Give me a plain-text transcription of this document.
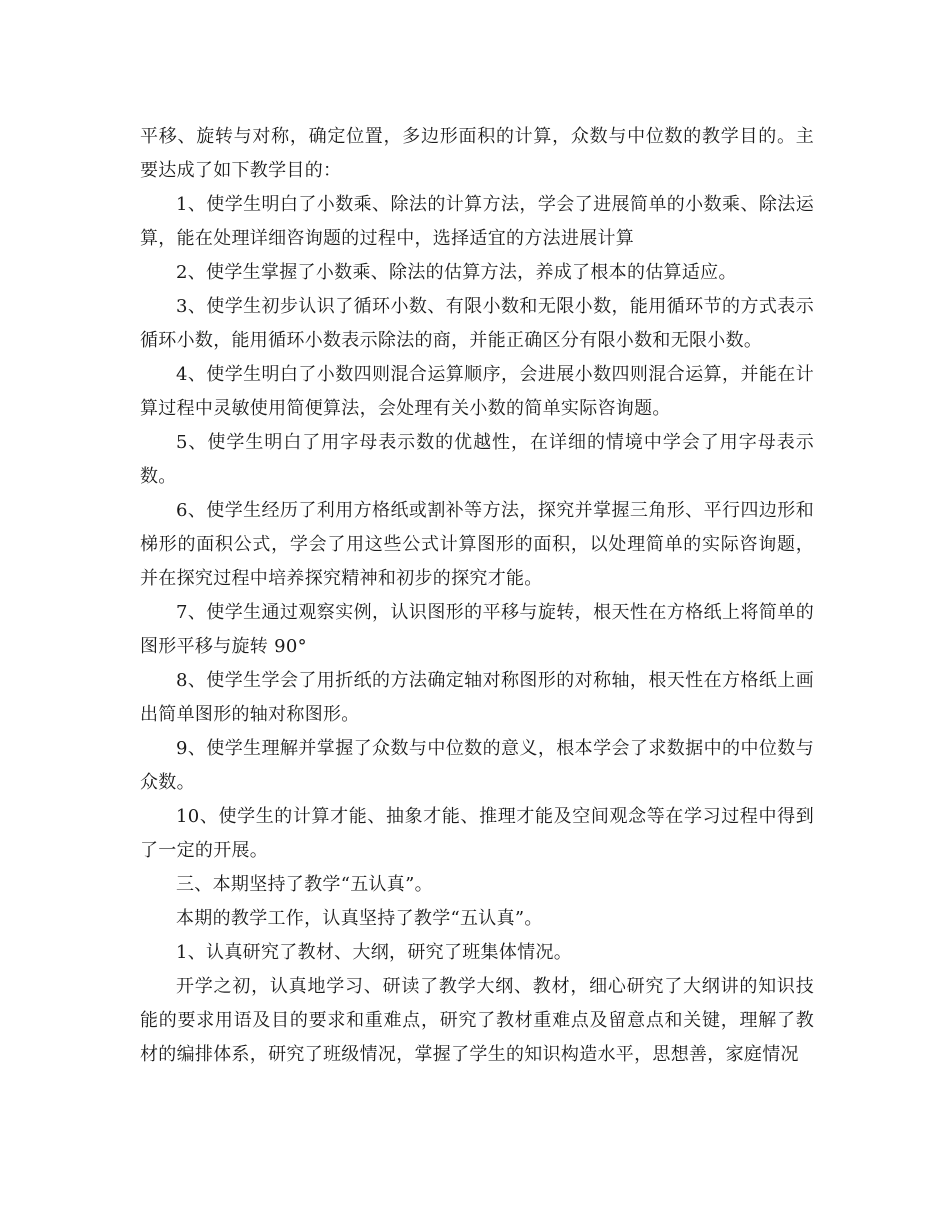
平移、旋转与对称，确定位置，多边形面积的计算，众数与中位数的教学目的。主要达成了如下教学目的：

1、使学生明白了小数乘、除法的计算方法，学会了进展简单的小数乘、除法运算，能在处理详细咨询题的过程中，选择适宜的方法进展计算

2、使学生掌握了小数乘、除法的估算方法，养成了根本的估算适应。

3、使学生初步认识了循环小数、有限小数和无限小数，能用循环节的方式表示循环小数，能用循环小数表示除法的商，并能正确区分有限小数和无限小数。

4、使学生明白了小数四则混合运算顺序，会进展小数四则混合运算，并能在计算过程中灵敏使用简便算法，会处理有关小数的简单实际咨询题。

5、使学生明白了用字母表示数的优越性，在详细的情境中学会了用字母表示数。

6、使学生经历了利用方格纸或割补等方法，探究并掌握三角形、平行四边形和梯形的面积公式，学会了用这些公式计算图形的面积，以处理简单的实际咨询题，并在探究过程中培养探究精神和初步的探究才能。

7、使学生通过观察实例，认识图形的平移与旋转，根天性在方格纸上将简单的图形平移与旋转 90°

8、使学生学会了用折纸的方法确定轴对称图形的对称轴，根天性在方格纸上画出简单图形的轴对称图形。

9、使学生理解并掌握了众数与中位数的意义，根本学会了求数据中的中位数与众数。

10、使学生的计算才能、抽象才能、推理才能及空间观念等在学习过程中得到了一定的开展。

三、本期坚持了教学“五认真”。

本期的教学工作，认真坚持了教学“五认真”。

1、认真研究了教材、大纲，研究了班集体情况。

开学之初，认真地学习、研读了教学大纲、教材，细心研究了大纲讲的知识技能的要求用语及目的要求和重难点，研究了教材重难点及留意点和关键，理解了教材的编排体系，研究了班级情况，掌握了学生的知识构造水平，思想善，家庭情况
